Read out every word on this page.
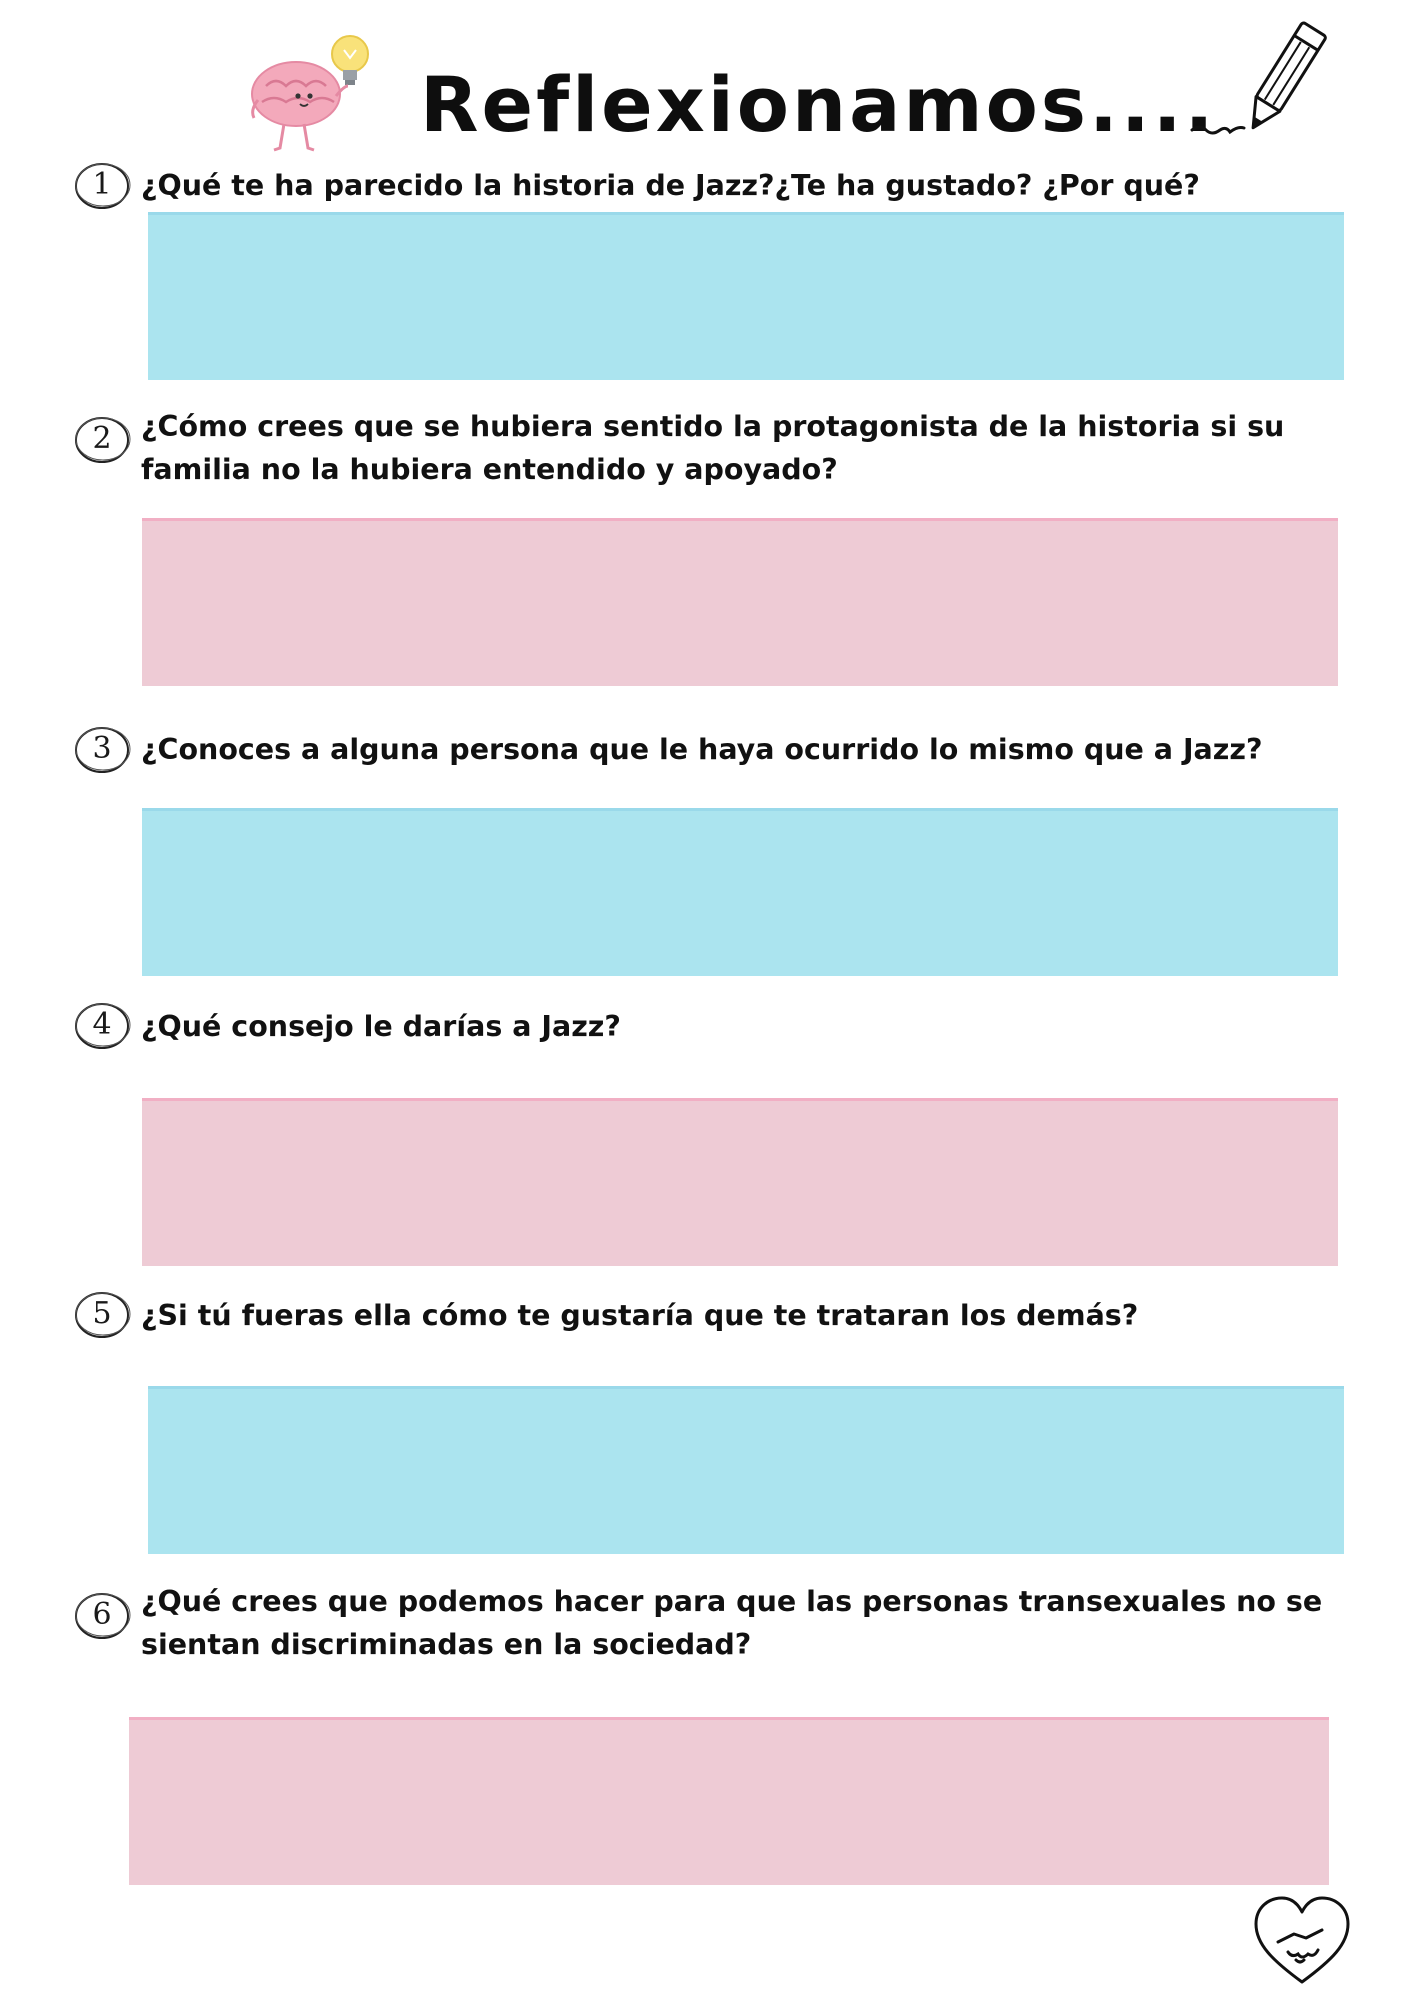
Reflexionamos....
1	¿Qué te ha parecido la historia de Jazz?¿Te ha gustado? ¿Por qué?

2	¿Cómo crees que se hubiera sentido la protagonista de la historia si su familia no la hubiera entendido y apoyado?

3	¿Conoces a alguna persona que le haya ocurrido lo mismo que a Jazz?

4	¿Qué consejo le darías a Jazz?

5	¿Si tú fueras ella cómo te gustaría que te trataran los demás?

6	¿Qué crees que podemos hacer para que las personas transexuales no se sientan discriminadas en la sociedad?
